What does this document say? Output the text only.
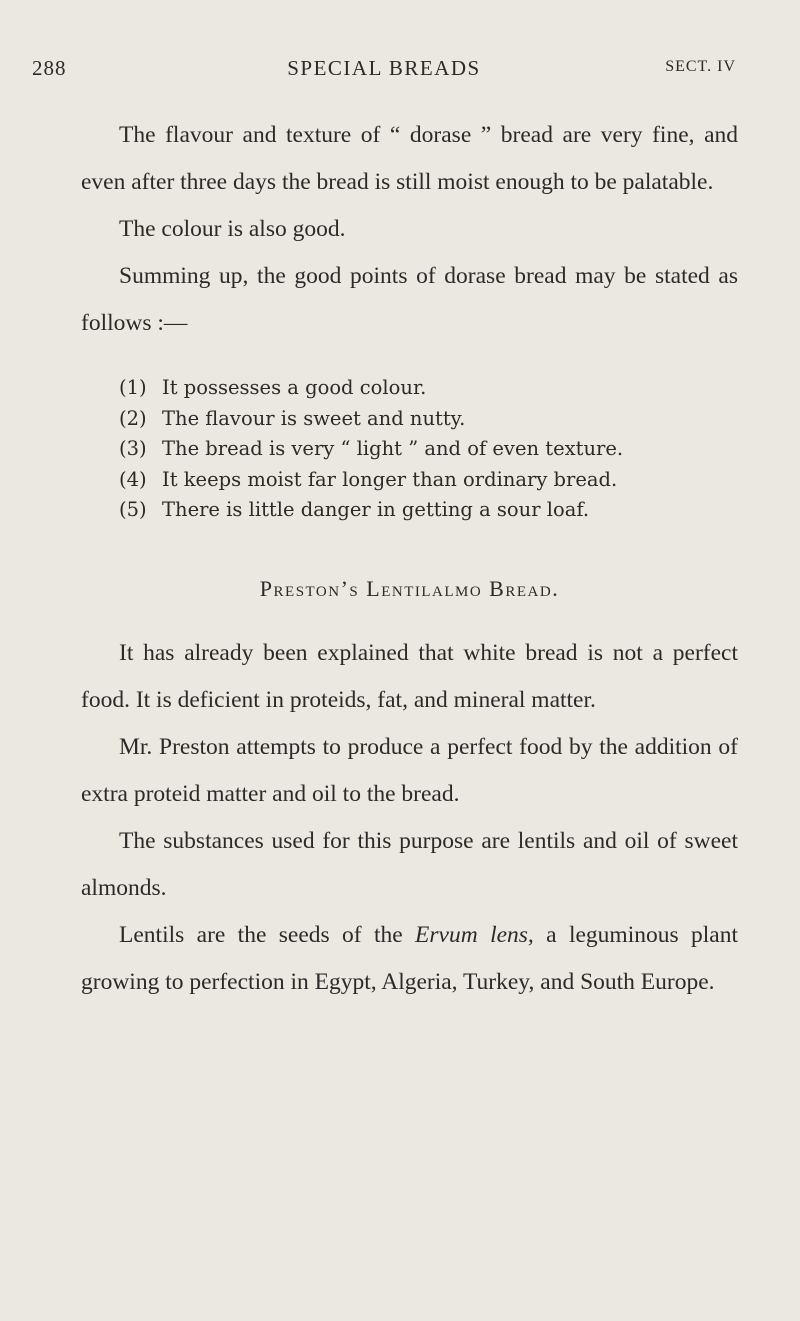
288	SPECIAL BREADS	SECT. IV

The flavour and texture of “ dorase ” bread are very fine, and even after three days the bread is still moist enough to be palatable.

The colour is also good.

Summing up, the good points of dorase bread may be stated as follows :—

(1) It possesses a good colour.
(2) The flavour is sweet and nutty.
(3) The bread is very “ light ” and of even texture.
(4) It keeps moist far longer than ordinary bread.
(5) There is little danger in getting a sour loaf.
Preston’s Lentilalmo Bread.

It has already been explained that white bread is not a perfect food. It is deficient in proteids, fat, and mineral matter.

Mr. Preston attempts to produce a perfect food by the addition of extra proteid matter and oil to the bread.

The substances used for this purpose are lentils and oil of sweet almonds.

Lentils are the seeds of the Ervum lens, a leguminous plant growing to perfection in Egypt, Algeria, Turkey, and South Europe.
